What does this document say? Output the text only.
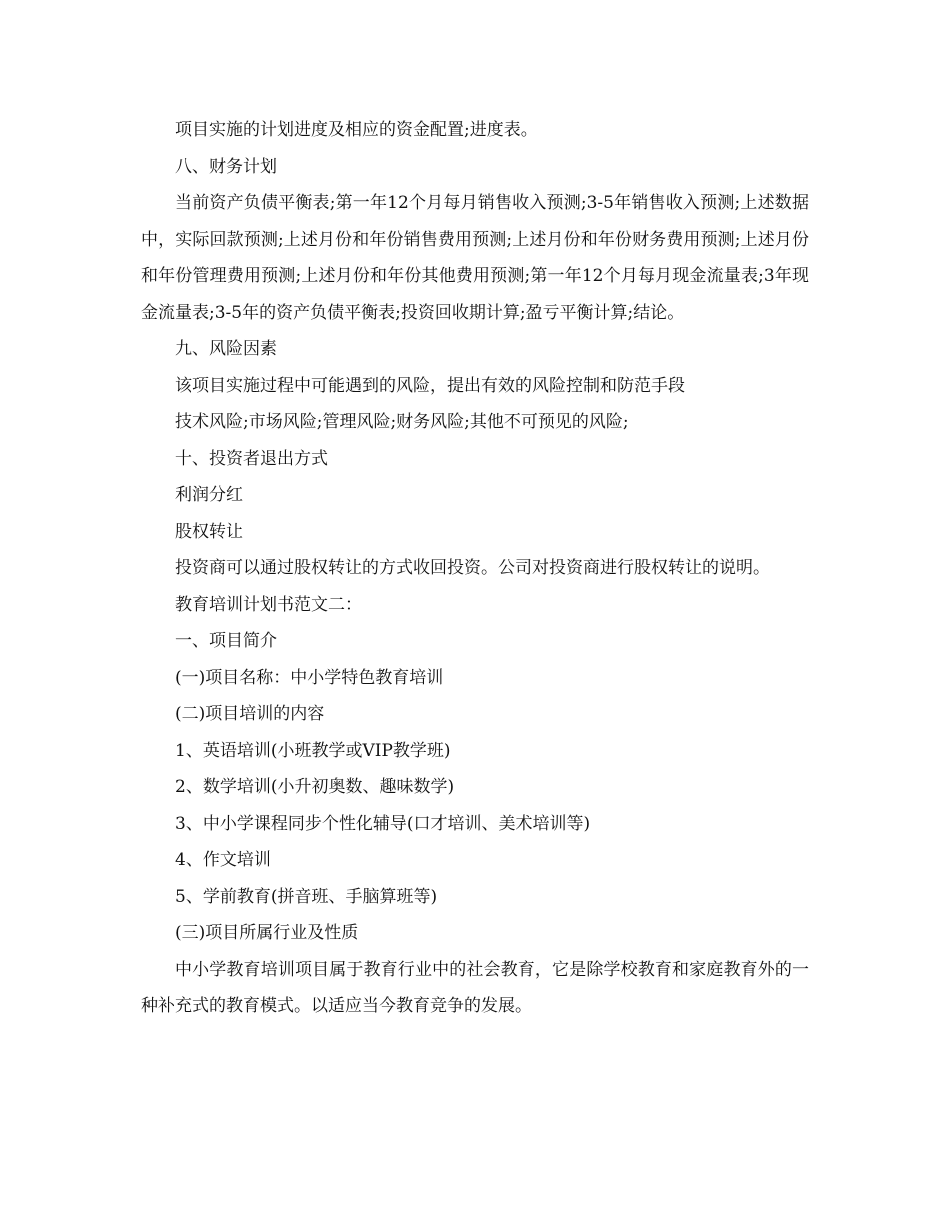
项目实施的计划进度及相应的资金配置;进度表。

八、财务计划

当前资产负债平衡表;第一年12个月每月销售收入预测;3-5年销售收入预测;上述数据中，实际回款预测;上述月份和年份销售费用预测;上述月份和年份财务费用预测;上述月份和年份管理费用预测;上述月份和年份其他费用预测;第一年12个月每月现金流量表;3年现金流量表;3-5年的资产负债平衡表;投资回收期计算;盈亏平衡计算;结论。

九、风险因素

该项目实施过程中可能遇到的风险，提出有效的风险控制和防范手段

技术风险;市场风险;管理风险;财务风险;其他不可预见的风险;

十、投资者退出方式

利润分红

股权转让

投资商可以通过股权转让的方式收回投资。公司对投资商进行股权转让的说明。

教育培训计划书范文二：

一、项目简介

(一)项目名称：中小学特色教育培训

(二)项目培训的内容

1、英语培训(小班教学或VIP教学班)

2、数学培训(小升初奥数、趣味数学)

3、中小学课程同步个性化辅导(口才培训、美术培训等)

4、作文培训

5、学前教育(拼音班、手脑算班等)

(三)项目所属行业及性质

中小学教育培训项目属于教育行业中的社会教育，它是除学校教育和家庭教育外的一种补充式的教育模式。以适应当今教育竞争的发展。
